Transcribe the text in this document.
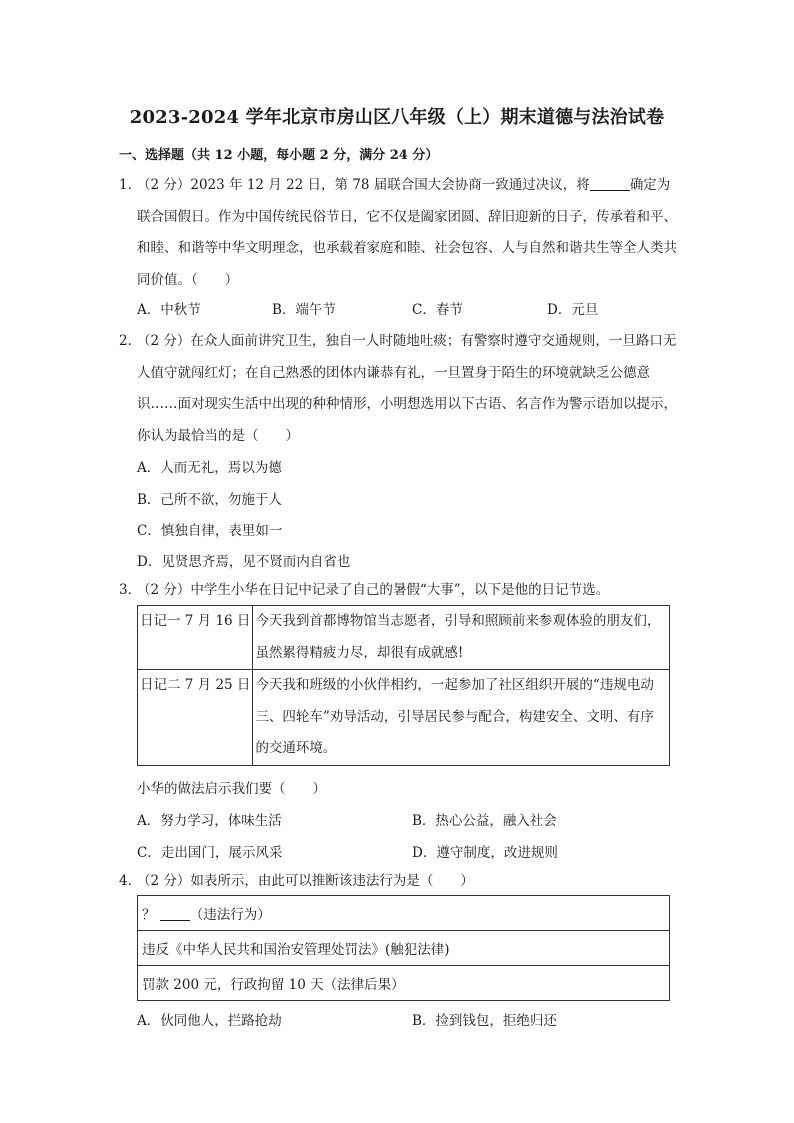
2023-2024 学年北京市房山区八年级（上）期末道德与法治试卷
一、选择题（共 12 小题，每小题 2 分，满分 24 分）
1．
（2 分）2023 年 12 月 22 日，第 78 届联合国大会协商一致通过决议，将	确定为联合国假日。作为中国传统民俗节日，它不仅是阖家团圆、辞旧迎新的日子，传承着和平、和睦、和谐等中华文明理念，也承载着家庭和睦、社会包容、人与自然和谐共生等全人类共同价值。（　　）
A．中秋节	B．端午节	C．春节	D．元旦
2．
（2 分）在众人面前讲究卫生，独自一人时随地吐痰；有警察时遵守交通规则，一旦路口无人值守就闯红灯；在自己熟悉的团体内谦恭有礼，一旦置身于陌生的环境就缺乏公德意识……面对现实生活中出现的种种情形，小明想选用以下古语、名言作为警示语加以提示，你认为最恰当的是（　　）
A．人而无礼，焉以为德
B．己所不欲，勿施于人
C．慎独自律，表里如一
D．见贤思齐焉，见不贤而内自省也
3．
（2 分）中学生小华在日记中记录了自己的暑假“大事”，以下是他的日记节选。
日记一 7 月 16 日	今天我到首都博物馆当志愿者，引导和照顾前来参观体验的朋友们，虽然累得精疲力尽，却很有成就感!
日记二 7 月 25 日	今天我和班级的小伙伴相约，一起参加了社区组织开展的“违规电动三、四轮车”劝导活动，引导居民参与配合，构建安全、文明、有序的交通环境。
小华的做法启示我们要（　　）
A．努力学习，体味生活	B．热心公益，融入社会
C．走出国门，展示风采	D．遵守制度，改进规则
4．
（2 分）如表所示，由此可以推断该违法行为是（　　）
？	（违法行为）
违反《中华人民共和国治安管理处罚法》(触犯法律)
罚款 200 元，行政拘留 10 天（法律后果）
A．伙同他人，拦路抢劫	B．捡到钱包，拒绝归还
